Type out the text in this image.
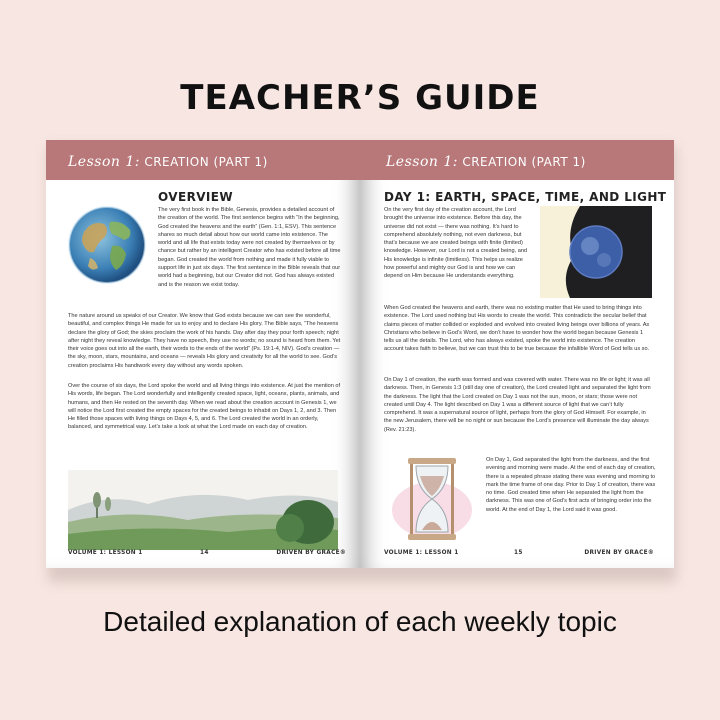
TEACHER’S GUIDE
Lesson 1: CREATION (PART 1)
OVERVIEW
The very first book in the Bible, Genesis, provides a detailed account of the creation of the world. The first sentence begins with “In the beginning, God created the heavens and the earth” (Gen. 1:1, ESV). This sentence shares so much detail about how our world came into existence. The world and all life that exists today were not created by themselves or by chance but rather by an intelligent Creator who has existed before all time began. God created the world from nothing and made it fully viable to support life in just six days. The first sentence in the Bible reveals that our world had a beginning, but our Creator did not. God has always existed and is the reason we exist today.
The nature around us speaks of our Creator. We know that God exists because we can see the wonderful, beautiful, and complex things He made for us to enjoy and to declare His glory. The Bible says, “The heavens declare the glory of God; the skies proclaim the work of his hands. Day after day they pour forth speech; night after night they reveal knowledge. They have no speech, they use no words; no sound is heard from them. Yet their voice goes out into all the earth, their words to the ends of the world” (Ps. 19:1-4, NIV). God’s creation — the sky, moon, stars, mountains, and oceans — reveals His glory and creativity for all the world to see. God’s creation proclaims His handiwork every day without any words spoken.
Over the course of six days, the Lord spoke the world and all living things into existence. At just the mention of His words, life began. The Lord wonderfully and intelligently created space, light, oceans, plants, animals, and humans, and then He rested on the seventh day. When we read about the creation account in Genesis 1, we will notice the Lord first created the empty spaces for the created beings to inhabit on Days 1, 2, and 3. Then He filled those spaces with living things on Days 4, 5, and 6. The Lord created the world in an orderly, balanced, and symmetrical way. Let’s take a look at what the Lord made on each day of creation.
VOLUME 1: LESSON 1	14	DRIVEN BY GRACE®
Lesson 1: CREATION (PART 1)
DAY 1: EARTH, SPACE, TIME, AND LIGHT
On the very first day of the creation account, the Lord brought the universe into existence. Before this day, the universe did not exist — there was nothing. It’s hard to comprehend absolutely nothing, not even darkness, but that’s because we are created beings with finite (limited) knowledge. However, our Lord is not a created being, and His knowledge is infinite (limitless). This helps us realize how powerful and mighty our God is and how we can depend on Him because He understands everything.
When God created the heavens and earth, there was no existing matter that He used to bring things into existence. The Lord used nothing but His words to create the world. This contradicts the secular belief that claims pieces of matter collided or exploded and evolved into created living beings over billions of years. As Christians who believe in God’s Word, we don’t have to wonder how the world began because Genesis 1 tells us all the details. The Lord, who has always existed, spoke the world into existence. The creation account takes faith to believe, but we can trust this to be true because the infallible Word of God tells us so.
On Day 1 of creation, the earth was formed and was covered with water. There was no life or light; it was all darkness. Then, in Genesis 1:3 (still day one of creation), the Lord created light and separated the light from the darkness. The light that the Lord created on Day 1 was not the sun, moon, or stars; those were not created until Day 4. The light described on Day 1 was a different source of light that we can’t fully comprehend. It was a supernatural source of light, perhaps from the glory of God Himself. For example, in the new Jerusalem, there will be no night or sun because the Lord’s presence will illuminate the day always (Rev. 21:23).
On Day 1, God separated the light from the darkness, and the first evening and morning were made. At the end of each day of creation, there is a repeated phrase stating there was evening and morning to mark the time frame of one day. Prior to Day 1 of creation, there was no time. God created time when He separated the light from the darkness. This was one of God’s first acts of bringing order into the world. At the end of Day 1, the Lord said it was good.
VOLUME 1: LESSON 1	15	DRIVEN BY GRACE®
Detailed explanation of each weekly topic
